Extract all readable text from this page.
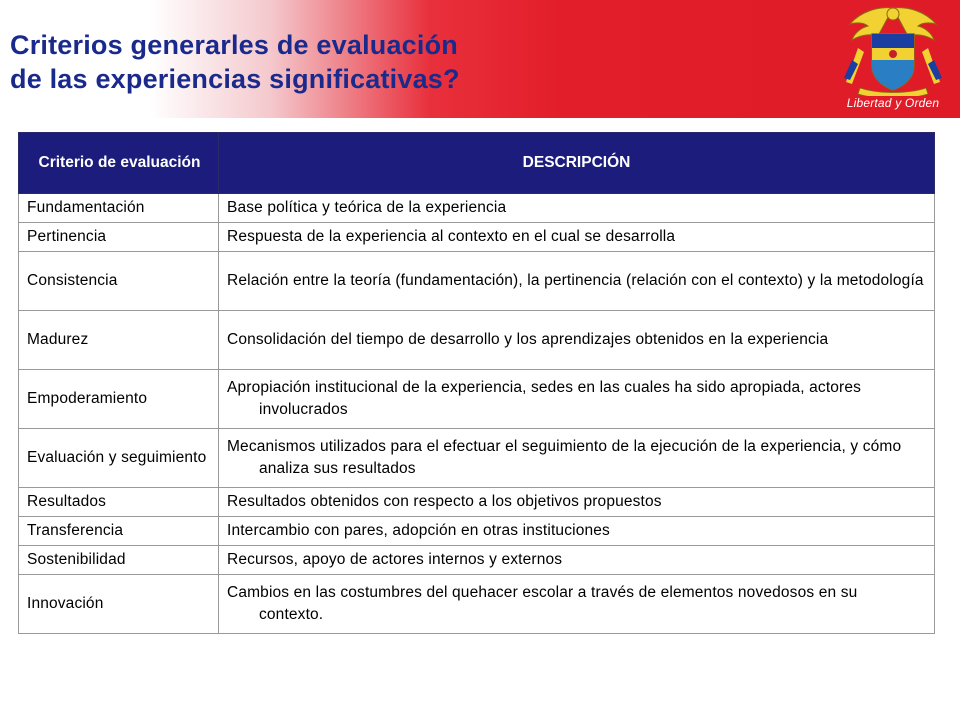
Criterios generarles de evaluación
de las experiencias significativas?
Libertad y Orden
Criterio de evaluación	DESCRIPCIÓN
Fundamentación	Base política y teórica de la experiencia
Pertinencia	Respuesta de la experiencia al contexto en el cual se desarrolla
Consistencia	Relación entre la teoría (fundamentación), la pertinencia (relación con el contexto) y la metodología
Madurez	Consolidación del tiempo de desarrollo y los aprendizajes obtenidos en la experiencia
Empoderamiento	Apropiación institucional de la experiencia, sedes en las cuales ha sido apropiada, actores involucrados
Evaluación y seguimiento	Mecanismos utilizados para el efectuar el seguimiento de la ejecución de la experiencia, y cómo analiza sus resultados
Resultados	Resultados obtenidos con respecto a los objetivos propuestos
Transferencia	Intercambio con pares, adopción en otras instituciones
Sostenibilidad	Recursos, apoyo de actores internos y externos
Innovación	Cambios en las costumbres del quehacer escolar a través de elementos novedosos en su contexto.
